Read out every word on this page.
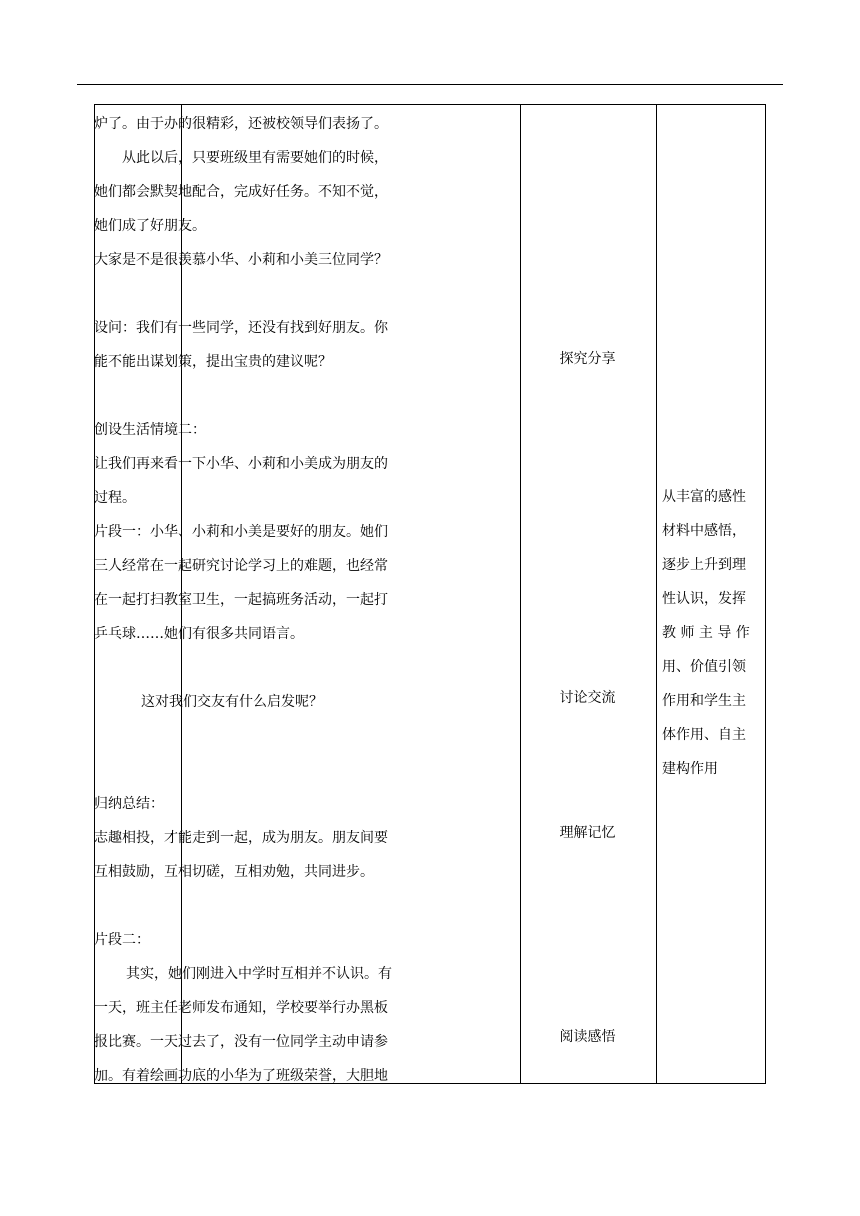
炉了。由于办的很精彩，还被校领导们表扬了。
从此以后，只要班级里有需要她们的时候，
她们都会默契地配合，完成好任务。不知不觉，
她们成了好朋友。
大家是不是很羡慕小华、小莉和小美三位同学？
设问：我们有一些同学，还没有找到好朋友。你
能不能出谋划策，提出宝贵的建议呢？
创设生活情境二：
让我们再来看一下小华、小莉和小美成为朋友的
过程。
片段一：小华、小莉和小美是要好的朋友。她们
三人经常在一起研究讨论学习上的难题，也经常
在一起打扫教室卫生，一起搞班务活动，一起打
乒乓球……她们有很多共同语言。
这对我们交友有什么启发呢？
归纳总结：
志趣相投，才能走到一起，成为朋友。朋友间要
互相鼓励，互相切磋，互相劝勉，共同进步。
片段二：
其实，她们刚进入中学时互相并不认识。有
一天，班主任老师发布通知，学校要举行办黑板
报比赛。一天过去了，没有一位同学主动申请参
加。有着绘画功底的小华为了班级荣誉，大胆地
探究分享
讨论交流
理解记忆
阅读感悟
从丰富的感性
材料中感悟，
逐步上升到理
性认识，发挥
教 师 主 导 作
用、价值引领
作用和学生主
体作用、自主
建构作用
